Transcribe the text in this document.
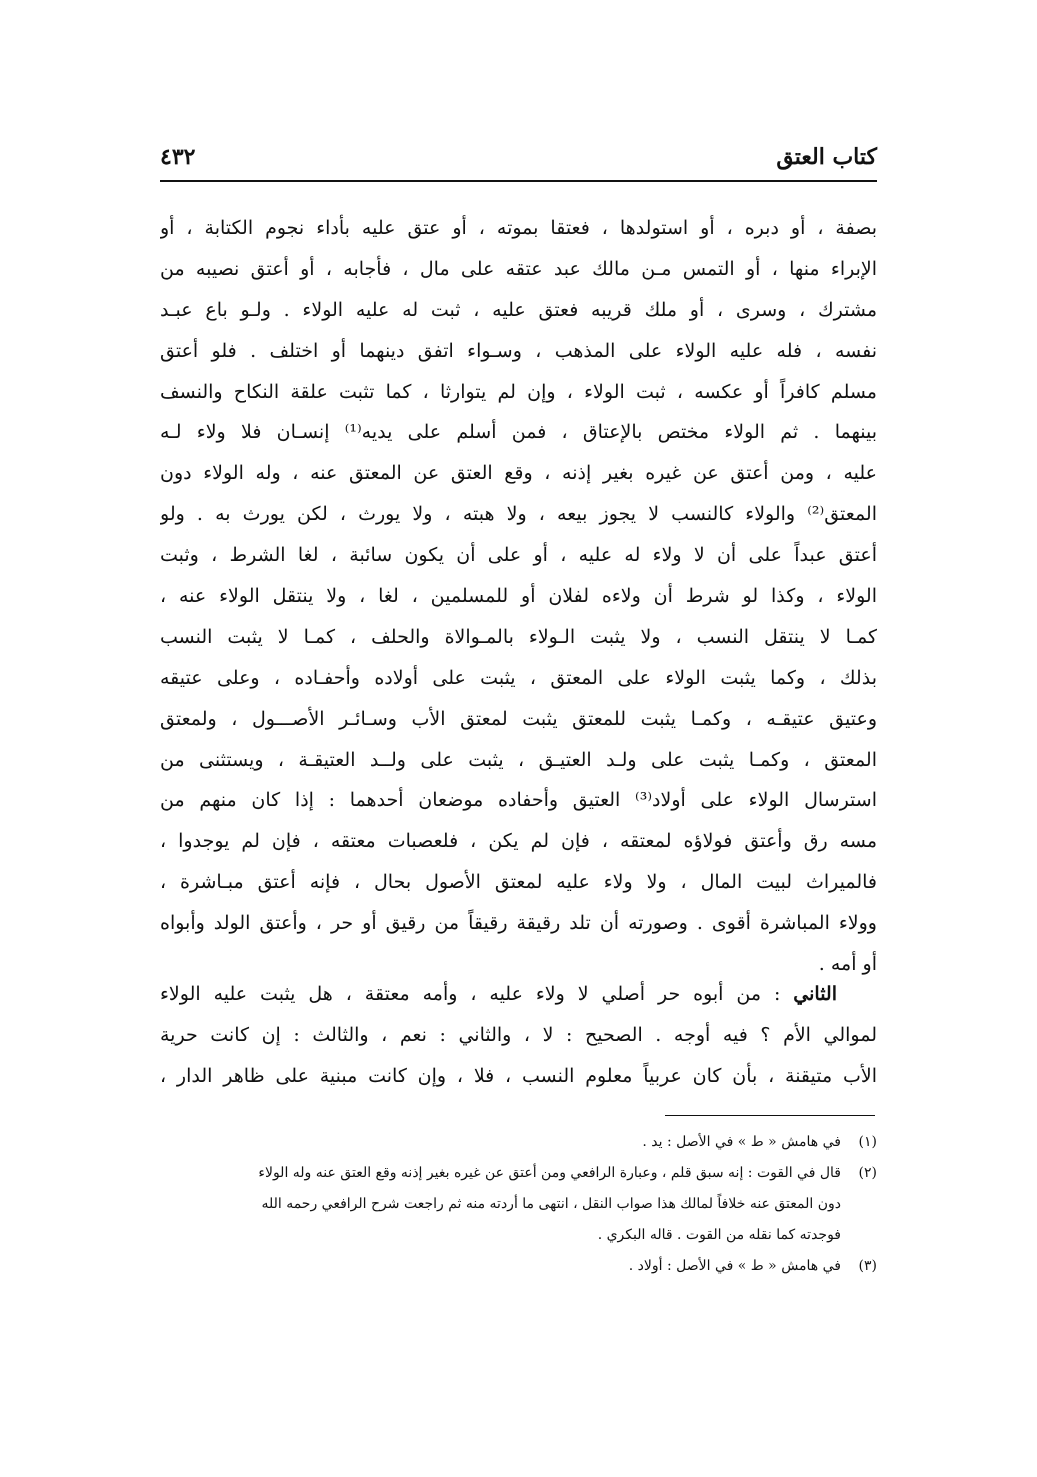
كتاب العتق
٤٣٢
بصفة ، أو دبره ، أو استولدها ، فعتقا بموته ، أو عتق عليه بأداء نجوم الكتابة ، أو
الإبراء منها ، أو التمس مـن مالك عبد عتقه على مال ، فأجابه ، أو أعتق نصيبه من
مشترك ، وسرى ، أو ملك قريبه فعتق عليه ، ثبت له عليه الولاء . ولـو باع عبـد
نفسه ، فله عليه الولاء على المذهب ، وسـواء اتفق دينهما أو اختلف . فلو أعتق
مسلم كافراً أو عكسه ، ثبت الولاء ، وإن لم يتوارثا ، كما تثبت علقة النكاح والنسف
بينهما . ثم الولاء مختص بالإعتاق ، فمن أسلم على يديه⁽¹⁾ إنسـان فلا ولاء لـه
عليه ، ومن أعتق عن غيره بغير إذنه ، وقع العتق عن المعتق عنه ، وله الولاء دون
المعتق⁽²⁾ والولاء كالنسب لا يجوز بيعه ، ولا هبته ، ولا يورث ، لكن يورث به . ولو
أعتق عبداً على أن لا ولاء له عليه ، أو على أن يكون سائبة ، لغا الشرط ، وثبت
الولاء ، وكذا لو شرط أن ولاءه لفلان أو للمسلمين ، لغا ، ولا ينتقل الولاء عنه ،
كمـا لا ينتقل النسب ، ولا يثبت الـولاء بالمـوالاة والحلف ، كمـا لا يثبت النسب
بذلك ، وكما يثبت الولاء على المعتق ، يثبت على أولاده وأحفـاده ، وعلى عتيقه
وعتيق عتيقـه ، وكمـا يثبت للمعتق يثبت لمعتق الأب وسـائـر الأصـــول ، ولمعتق
المعتق ، وكمـا يثبت على ولـد العتيـق ، يثبت على ولــد العتيقـة ، ويستثنى من
استرسال الولاء على أولاد⁽³⁾ العتيق وأحفاده موضعان أحدهما : إذا كان منهم من
مسه رق وأعتق فولاؤه لمعتقه ، فإن لم يكن ، فلعصبات معتقه ، فإن لم يوجدوا ،
فالميراث لبيت المال ، ولا ولاء عليه لمعتق الأصول بحال ، فإنه أعتق مبـاشرة ،
وولاء المباشرة أقوى . وصورته أن تلد رقيقة رقيقاً من رقيق أو حر ، وأعتق الولد وأبواه
أو أمه .
الثاني : من أبوه حر أصلي لا ولاء عليه ، وأمه معتقة ، هل يثبت عليه الولاء
لموالي الأم ؟ فيه أوجه . الصحيح : لا ، والثاني : نعم ، والثالث : إن كانت حرية
الأب متيقنة ، بأن كان عربياً معلوم النسب ، فلا ، وإن كانت مبنية على ظاهر الدار ،
(١)في هامش « ط » في الأصل : يد .
(٢)قال في القوت : إنه سبق قلم ، وعبارة الرافعي ومن أعتق عن غيره بغير إذنه وقع العتق عنه وله الولاء
دون المعتق عنه خلافاً لمالك هذا صواب النقل ، انتهى ما أردته منه ثم راجعت شرح الرافعي رحمه الله
فوجدته كما نقله من القوت . قاله البكري .
(٣)في هامش « ط » في الأصل : أولاد .
